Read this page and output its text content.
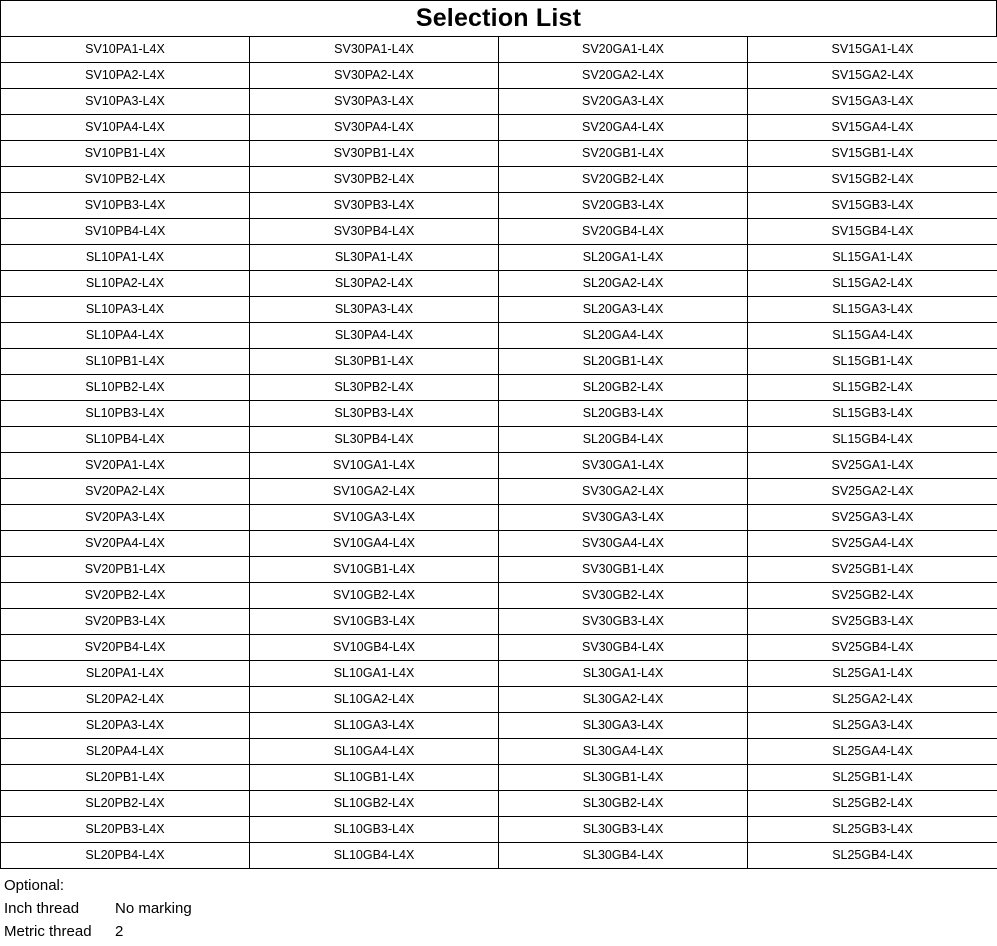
Selection List
SV10PA1-L4X	SV30PA1-L4X	SV20GA1-L4X	SV15GA1-L4X
SV10PA2-L4X	SV30PA2-L4X	SV20GA2-L4X	SV15GA2-L4X
SV10PA3-L4X	SV30PA3-L4X	SV20GA3-L4X	SV15GA3-L4X
SV10PA4-L4X	SV30PA4-L4X	SV20GA4-L4X	SV15GA4-L4X
SV10PB1-L4X	SV30PB1-L4X	SV20GB1-L4X	SV15GB1-L4X
SV10PB2-L4X	SV30PB2-L4X	SV20GB2-L4X	SV15GB2-L4X
SV10PB3-L4X	SV30PB3-L4X	SV20GB3-L4X	SV15GB3-L4X
SV10PB4-L4X	SV30PB4-L4X	SV20GB4-L4X	SV15GB4-L4X
SL10PA1-L4X	SL30PA1-L4X	SL20GA1-L4X	SL15GA1-L4X
SL10PA2-L4X	SL30PA2-L4X	SL20GA2-L4X	SL15GA2-L4X
SL10PA3-L4X	SL30PA3-L4X	SL20GA3-L4X	SL15GA3-L4X
SL10PA4-L4X	SL30PA4-L4X	SL20GA4-L4X	SL15GA4-L4X
SL10PB1-L4X	SL30PB1-L4X	SL20GB1-L4X	SL15GB1-L4X
SL10PB2-L4X	SL30PB2-L4X	SL20GB2-L4X	SL15GB2-L4X
SL10PB3-L4X	SL30PB3-L4X	SL20GB3-L4X	SL15GB3-L4X
SL10PB4-L4X	SL30PB4-L4X	SL20GB4-L4X	SL15GB4-L4X
SV20PA1-L4X	SV10GA1-L4X	SV30GA1-L4X	SV25GA1-L4X
SV20PA2-L4X	SV10GA2-L4X	SV30GA2-L4X	SV25GA2-L4X
SV20PA3-L4X	SV10GA3-L4X	SV30GA3-L4X	SV25GA3-L4X
SV20PA4-L4X	SV10GA4-L4X	SV30GA4-L4X	SV25GA4-L4X
SV20PB1-L4X	SV10GB1-L4X	SV30GB1-L4X	SV25GB1-L4X
SV20PB2-L4X	SV10GB2-L4X	SV30GB2-L4X	SV25GB2-L4X
SV20PB3-L4X	SV10GB3-L4X	SV30GB3-L4X	SV25GB3-L4X
SV20PB4-L4X	SV10GB4-L4X	SV30GB4-L4X	SV25GB4-L4X
SL20PA1-L4X	SL10GA1-L4X	SL30GA1-L4X	SL25GA1-L4X
SL20PA2-L4X	SL10GA2-L4X	SL30GA2-L4X	SL25GA2-L4X
SL20PA3-L4X	SL10GA3-L4X	SL30GA3-L4X	SL25GA3-L4X
SL20PA4-L4X	SL10GA4-L4X	SL30GA4-L4X	SL25GA4-L4X
SL20PB1-L4X	SL10GB1-L4X	SL30GB1-L4X	SL25GB1-L4X
SL20PB2-L4X	SL10GB2-L4X	SL30GB2-L4X	SL25GB2-L4X
SL20PB3-L4X	SL10GB3-L4X	SL30GB3-L4X	SL25GB3-L4X
SL20PB4-L4X	SL10GB4-L4X	SL30GB4-L4X	SL25GB4-L4X
Optional:
Inch thread	No marking
Metric thread	2
